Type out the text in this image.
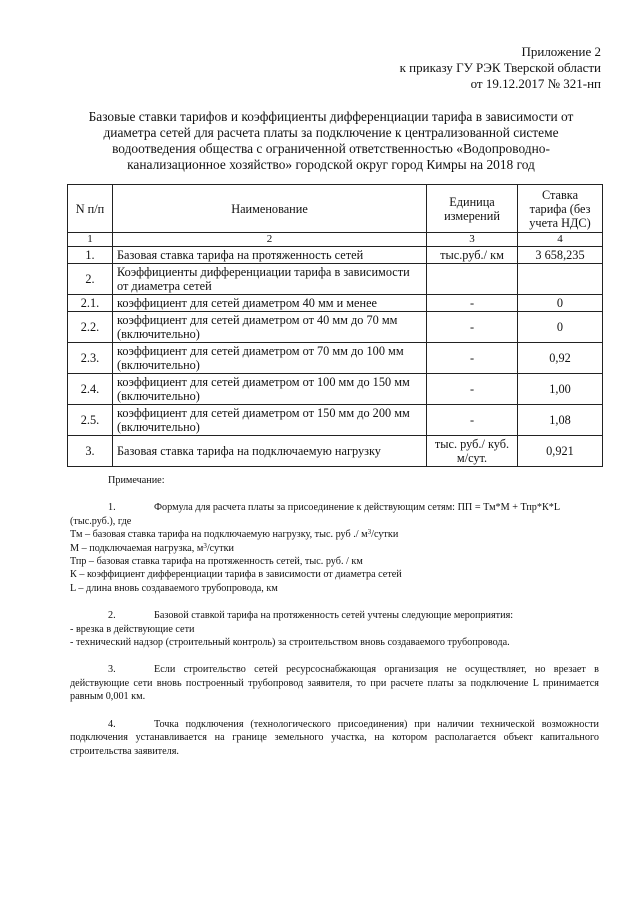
Приложение 2
к приказу ГУ РЭК Тверской области
от 19.12.2017 № 321-нп
Базовые ставки тарифов и коэффициенты дифференциации тарифа в зависимости от
диаметра сетей для расчета платы за подключение к централизованной системе
водоотведения общества с ограниченной ответственностью «Водопроводно-
канализационное хозяйство» городской округ город Кимры на 2018 год
N п/п	Наименование	Единица измерений	Ставка тарифа (без учета НДС)
1	2	3	4
1.	Базовая ставка тарифа на протяженность сетей	тыс.руб./ км	3 658,235
2.	Коэффициенты дифференциации тарифа в зависимости от диаметра сетей		
2.1.	коэффициент для сетей диаметром 40 мм и менее	-	0
2.2.	коэффициент для сетей диаметром от 40 мм до 70 мм (включительно)	-	0
2.3.	коэффициент для сетей диаметром от 70 мм до 100 мм (включительно)	-	0,92
2.4.	коэффициент для сетей диаметром от 100 мм до 150 мм (включительно)	-	1,00
2.5.	коэффициент для сетей диаметром от 150 мм до 200 мм (включительно)	-	1,08
3.	Базовая ставка тарифа на подключаемую нагрузку	тыс. руб./ куб. м/сут.	0,921

Примечание:

1.	Формула для расчета платы за присоединение к действующим сетям: ПП = Тм*М + Тпр*К*L (тыс.руб.), где

Тм – базовая ставка тарифа на подключаемую нагрузку, тыс. руб ./ $м^3$/сутки

М – подключаемая нагрузка, $м^3$/сутки

Тпр – базовая ставка тарифа на протяженность сетей, тыс. руб. / км

К – коэффициент дифференциации тарифа в зависимости от диаметра сетей

L – длина вновь создаваемого трубопровода, км

2.	Базовой ставкой тарифа на протяженность сетей учтены следующие мероприятия:

- врезка в действующие сети

- технический надзор (строительный контроль) за строительством вновь создаваемого трубопровода.

3.	Если строительство сетей ресурсоснабжающая организация не осуществляет, но врезает в действующие сети вновь построенный трубопровод заявителя, то при расчете платы за подключение L принимается равным 0,001 км.

4.	Точка подключения (технологического присоединения) при наличии технической возможности подключения устанавливается на границе земельного участка, на котором располагается объект капитального строительства заявителя.
